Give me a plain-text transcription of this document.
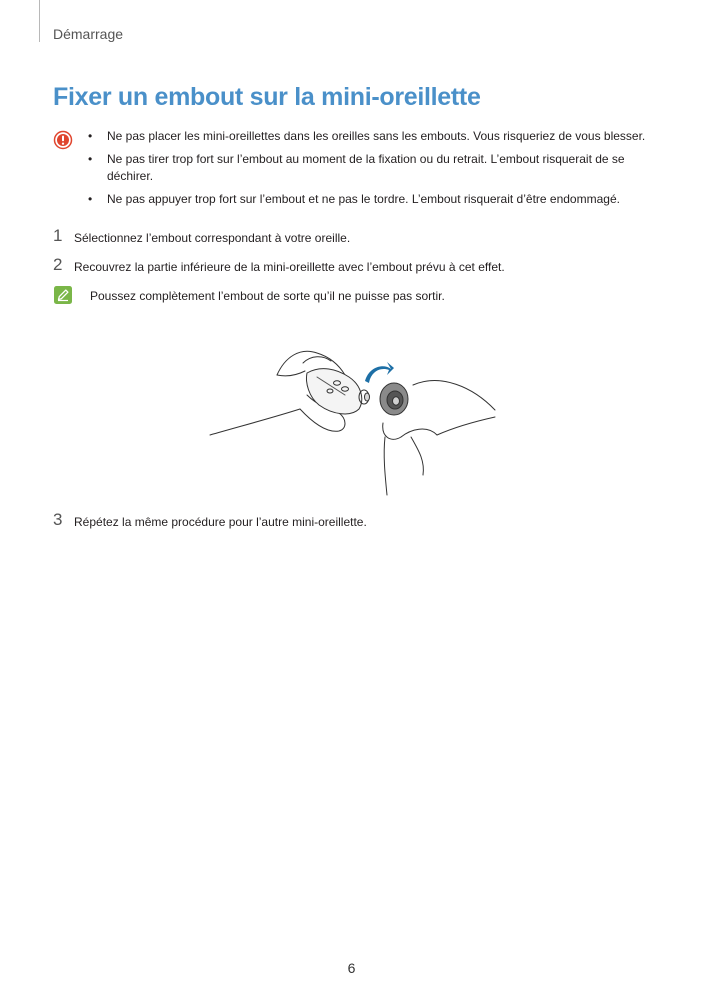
Démarrage
Fixer un embout sur la mini-oreillette
• Ne pas placer les mini-oreillettes dans les oreilles sans les embouts. Vous risqueriez de vous blesser.
• Ne pas tirer trop fort sur l’embout au moment de la fixation ou du retrait. L’embout risquerait de se déchirer.
• Ne pas appuyer trop fort sur l’embout et ne pas le tordre. L’embout risquerait d’être endommagé.
1 Sélectionnez l’embout correspondant à votre oreille.
2 Recouvrez la partie inférieure de la mini-oreillette avec l’embout prévu à cet effet.
Poussez complètement l’embout de sorte qu’il ne puisse pas sortir.
3 Répétez la même procédure pour l’autre mini-oreillette.
6
